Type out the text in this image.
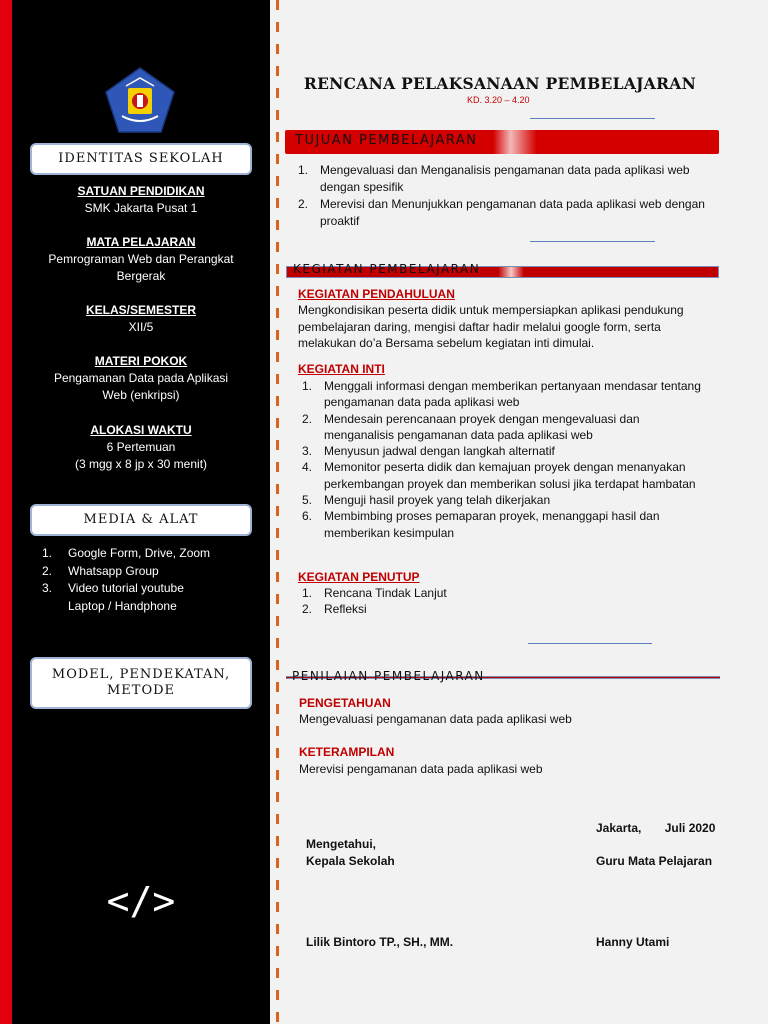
IDENTITAS SEKOLAH
SATUAN PENDIDIKAN
SMK Jakarta Pusat 1
MATA PELAJARAN
Pemrograman Web dan Perangkat Bergerak
KELAS/SEMESTER
XII/5
MATERI POKOK
Pengamanan Data pada Aplikasi Web (enkripsi)
ALOKASI WAKTU
6 Pertemuan
(3 mgg x 8 jp x 30 menit)
MEDIA & ALAT
1.	Google Form, Drive, Zoom
2.	Whatsapp Group
3.	Video tutorial youtube
Laptop / Handphone
MODEL, PENDEKATAN,
METODE
</>
RENCANA PELAKSANAAN PEMBELAJARAN
KD. 3.20 – 4.20
TUJUAN PEMBELAJARAN
1. Mengevaluasi dan Menganalisis pengamanan data pada aplikasi web dengan spesifik
2. Merevisi dan Menunjukkan pengamanan data pada aplikasi web dengan proaktif
KEGIATAN PEMBELAJARAN
KEGIATAN PENDAHULUAN
Mengkondisikan peserta didik untuk mempersiapkan aplikasi pendukung pembelajaran daring, mengisi daftar hadir melalui google form, serta melakukan do’a Bersama sebelum kegiatan inti dimulai.
KEGIATAN INTI
1. Menggali informasi dengan memberikan pertanyaan mendasar tentang pengamanan data pada aplikasi web
2. Mendesain perencanaan proyek dengan mengevaluasi dan menganalisis pengamanan data pada aplikasi web
3. Menyusun jadwal dengan langkah alternatif
4. Memonitor peserta didik dan kemajuan proyek dengan menanyakan perkembangan proyek dan memberikan solusi jika terdapat hambatan
5. Menguji hasil proyek yang telah dikerjakan
6. Membimbing proses pemaparan proyek, menanggapi hasil dan memberikan kesimpulan
KEGIATAN PENUTUP
1. Rencana Tindak Lanjut
2. Refleksi
PENILAIAN PEMBELAJARAN
PENGETAHUAN
Mengevaluasi pengamanan data pada aplikasi web
KETERAMPILAN
Merevisi pengamanan data pada aplikasi web
Jakarta,       Juli 2020
Mengetahui,
Kepala Sekolah	Guru Mata Pelajaran
Lilik Bintoro TP., SH., MM.	Hanny Utami
